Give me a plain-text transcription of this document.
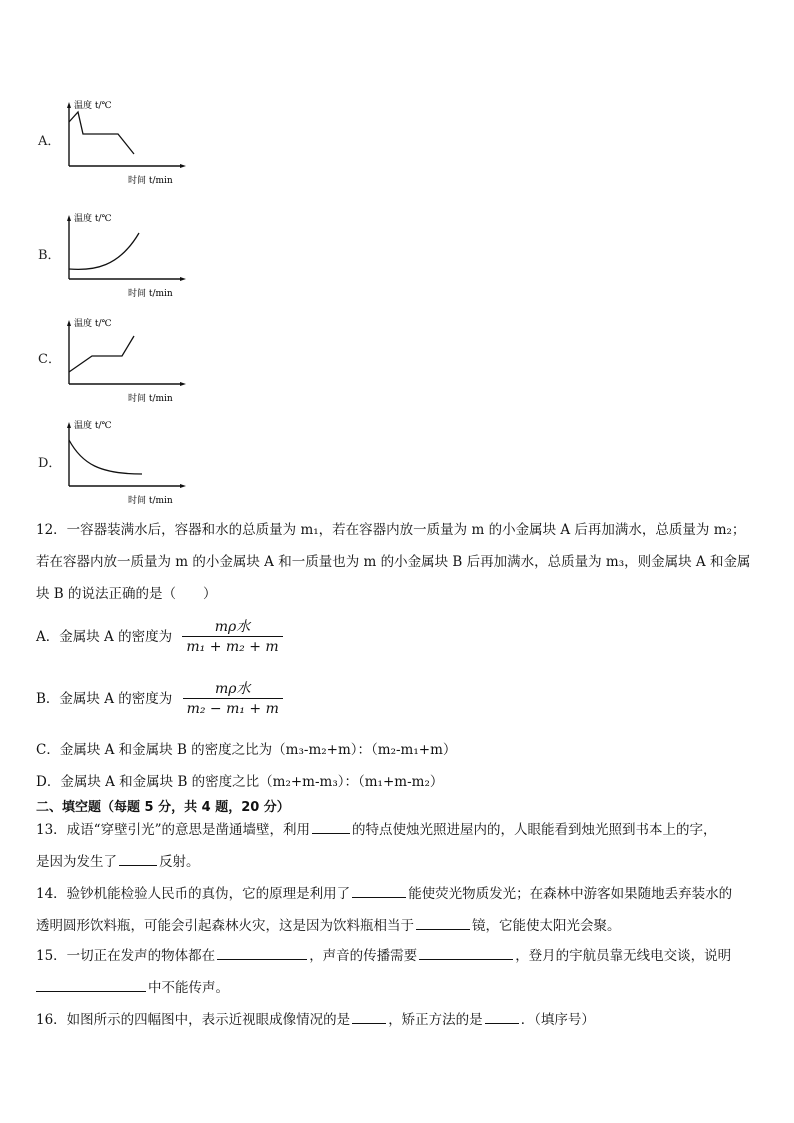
A．
温度 t/℃
时间 t/min
B．
温度 t/℃
时间 t/min
C．
温度 t/℃
时间 t/min
D．
温度 t/℃
时间 t/min
12．一容器装满水后，容器和水的总质量为 m₁，若在容器内放一质量为 m 的小金属块 A 后再加满水，总质量为 m₂；
若在容器内放一质量为 m 的小金属块 A 和一质量也为 m 的小金属块 B 后再加满水，总质量为 m₃，则金属块 A 和金属
块 B 的说法正确的是（　　）
A．金属块 A 的密度为 $\frac{\text{mρ水}}{\text{m₁ + m₂ + m}}$
B．金属块 A 的密度为 $\frac{\text{mρ水}}{\text{m₂ − m₁ + m}}$
C．金属块 A 和金属块 B 的密度之比为（m₃-m₂+m）：（m₂-m₁+m）
D．金属块 A 和金属块 B 的密度之比（m₂+m-m₃）：（m₁+m-m₂）
二、填空题（每题 5 分，共 4 题，20 分）
13．成语“穿壁引光”的意思是凿通墙壁，利用	的特点使烛光照进屋内的，人眼能看到烛光照到书本上的字，
是因为发生了	反射。
14．验钞机能检验人民币的真伪，它的原理是利用了	能使荧光物质发光；在森林中游客如果随地丢弃装水的
透明圆形饮料瓶，可能会引起森林火灾，这是因为饮料瓶相当于	镜，它能使太阳光会聚。
15．一切正在发声的物体都在	，声音的传播需要	，登月的宇航员靠无线电交谈，说明
中不能传声。
16．如图所示的四幅图中，表示近视眼成像情况的是	，矫正方法的是	．（填序号）
